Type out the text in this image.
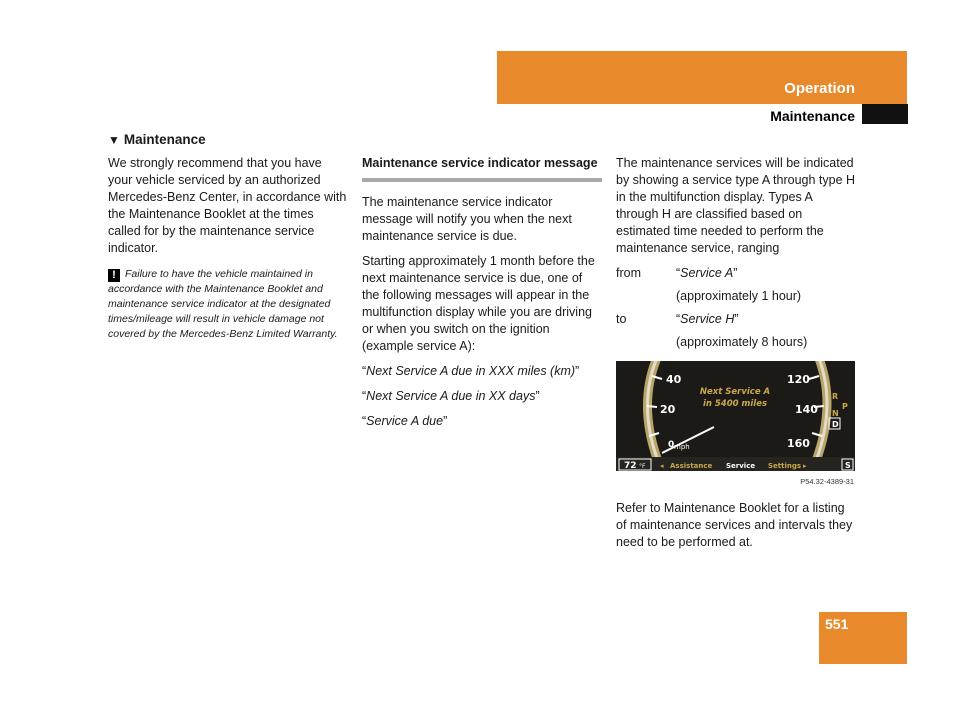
Operation
Maintenance
▼ Maintenance

We strongly recommend that you have your vehicle serviced by an authorized Mercedes-Benz Center, in accordance with the Maintenance Booklet at the times called for by the maintenance service indicator.

! Failure to have the vehicle maintained in accordance with the Maintenance Booklet and maintenance service indicator at the designated times/mileage will result in vehicle damage not covered by the Mercedes-Benz Limited Warranty.
Maintenance service indicator message

The maintenance service indicator message will notify you when the next maintenance service is due.

Starting approximately 1 month before the next maintenance service is due, one of the following messages will appear in the multifunction display while you are driving or when you switch on the ignition (example service A):

“Next Service A due in XXX miles (km)”

“Next Service A due in XX days”

“Service A due”

The maintenance services will be indicated by showing a service type A through type H in the multifunction display. Types A through H are classified based on estimated time needed to perform the maintenance service, ranging

from	“Service A”
(approximately 1 hour)
to	“Service H”
(approximately 8 hours)
40
20
0 mph
120
140
160
Next Service A
in 5400 miles
R
N
D
P
72 °F ◂ Assistance Service Settings ▸	S
P54.32-4389-31

Refer to Maintenance Booklet for a listing of maintenance services and intervals they need to be performed at.

551
